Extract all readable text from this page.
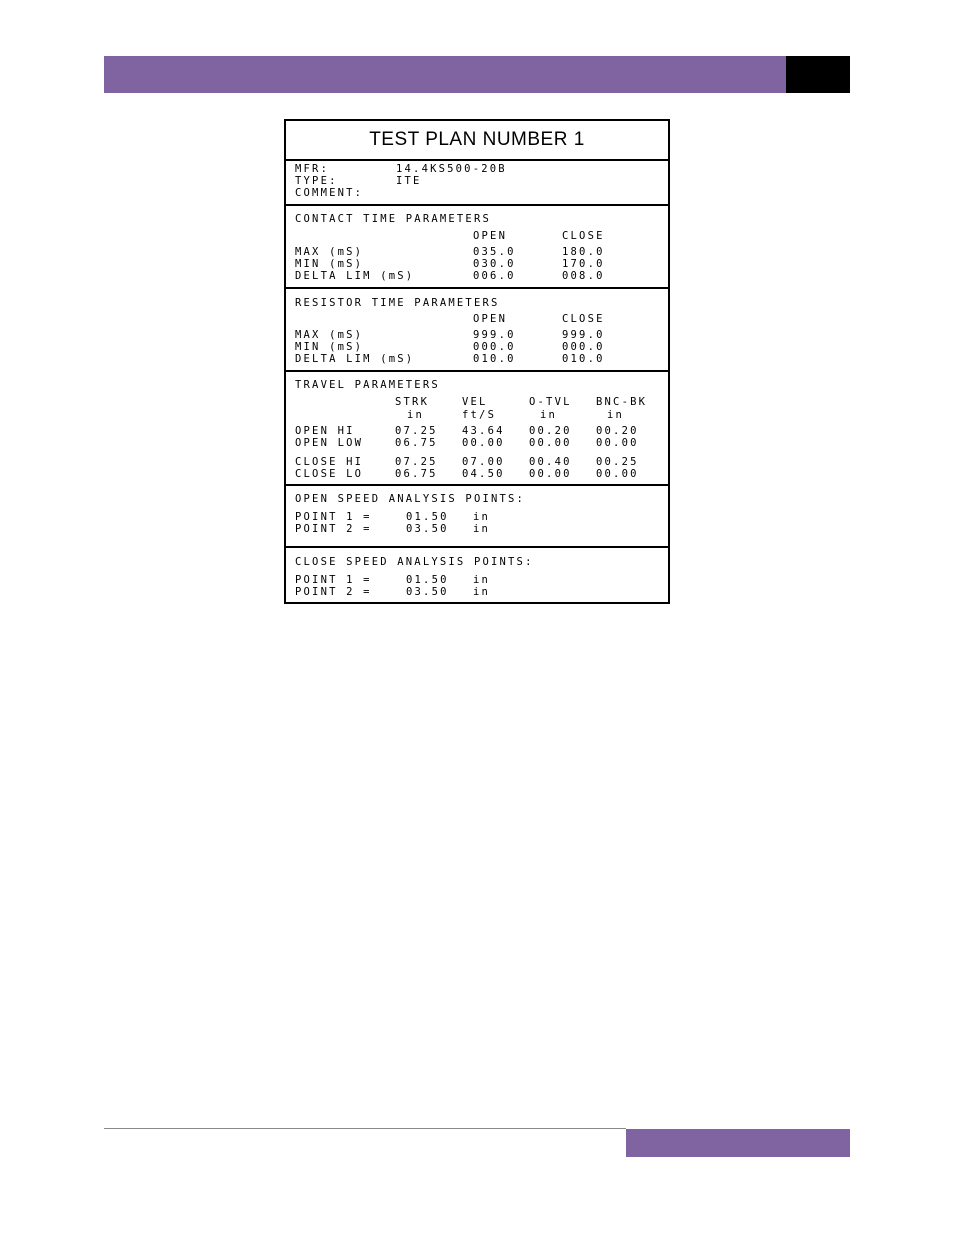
TEST PLAN NUMBER 1
MFR:	14.4KS500-20B
TYPE:	ITE
COMMENT:
CONTACT TIME PARAMETERS
OPEN	CLOSE
MAX (mS)	035.0	180.0
MIN (mS)	030.0	170.0
DELTA LIM (mS)	006.0	008.0
RESISTOR TIME PARAMETERS
OPEN	CLOSE
MAX (mS)	999.0	999.0
MIN (mS)	000.0	000.0
DELTA LIM (mS)	010.0	010.0
TRAVEL PARAMETERS
STRK	VEL	O-TVL BNC-BK
in	ft/S	in	in
OPEN HI	07.25 43.64 00.20 00.20
OPEN LOW	06.75 00.00 00.00 00.00
CLOSE HI	07.25 07.00 00.40 00.25
CLOSE LO	06.75 04.50 00.00 00.00
OPEN SPEED ANALYSIS POINTS:
POINT 1 =	01.50 in
POINT 2 =	03.50 in
CLOSE SPEED ANALYSIS POINTS:
POINT 1 =	01.50 in
POINT 2 =	03.50 in
